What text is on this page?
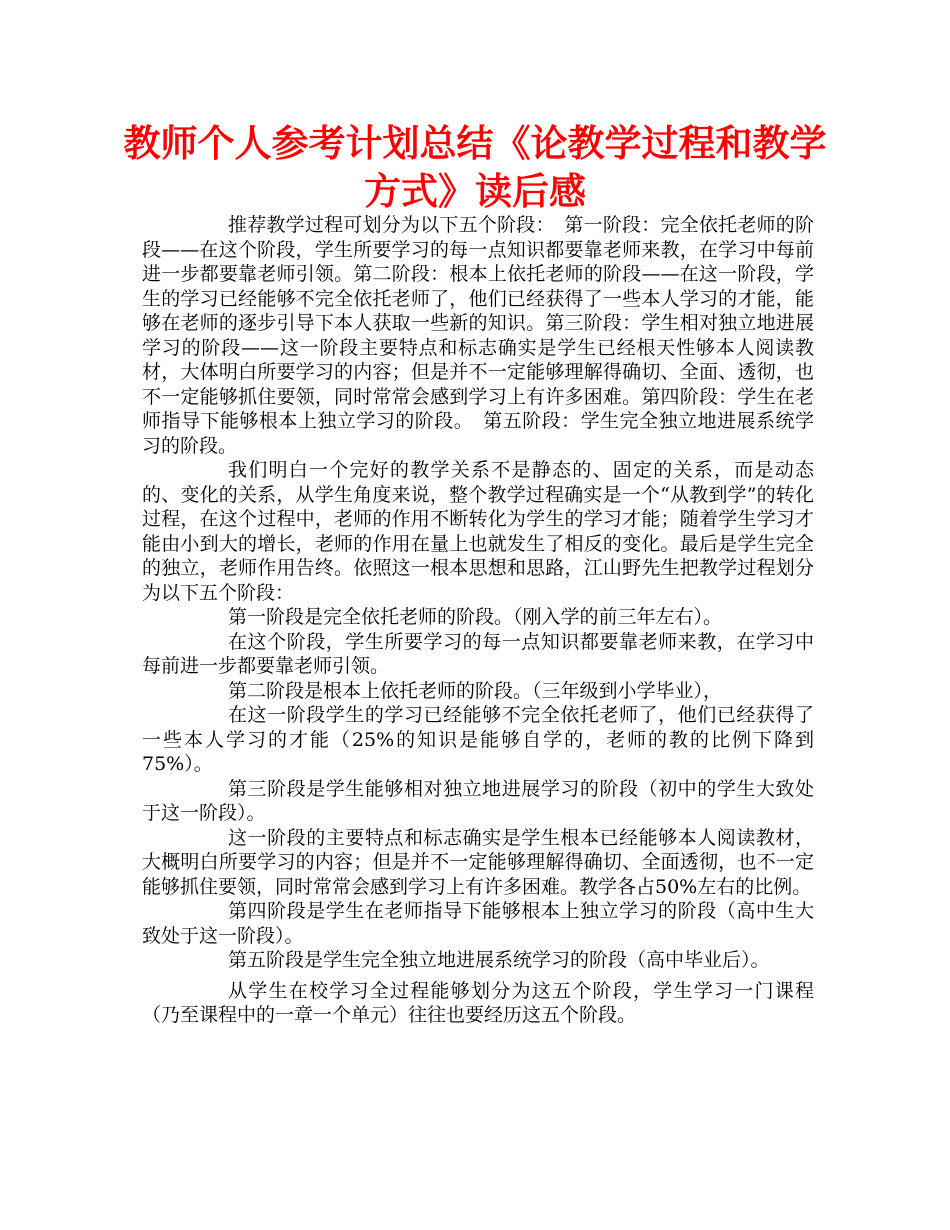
教师个人参考计划总结《论教学过程和教学方式》读后感

推荐教学过程可划分为以下五个阶段：　第一阶段：完全依托老师的阶段——在这个阶段，学生所要学习的每一点知识都要靠老师来教，在学习中每前进一步都要靠老师引领。第二阶段：根本上依托老师的阶段——在这一阶段，学生的学习已经能够不完全依托老师了，他们已经获得了一些本人学习的才能，能够在老师的逐步引导下本人获取一些新的知识。第三阶段：学生相对独立地进展学习的阶段——这一阶段主要特点和标志确实是学生已经根天性够本人阅读教材，大体明白所要学习的内容；但是并不一定能够理解得确切、全面、透彻，也不一定能够抓住要领，同时常常会感到学习上有许多困难。第四阶段：学生在老师指导下能够根本上独立学习的阶段。　第五阶段：学生完全独立地进展系统学习的阶段。

我们明白一个完好的教学关系不是静态的、固定的关系，而是动态的、变化的关系，从学生角度来说，整个教学过程确实是一个“从教到学”的转化过程，在这个过程中，老师的作用不断转化为学生的学习才能；随着学生学习才能由小到大的增长，老师的作用在量上也就发生了相反的变化。最后是学生完全的独立，老师作用告终。依照这一根本思想和思路，江山野先生把教学过程划分为以下五个阶段：

第一阶段是完全依托老师的阶段。（刚入学的前三年左右）。

在这个阶段，学生所要学习的每一点知识都要靠老师来教，在学习中每前进一步都要靠老师引领。

第二阶段是根本上依托老师的阶段。（三年级到小学毕业），

在这一阶段学生的学习已经能够不完全依托老师了，他们已经获得了一些本人学习的才能（25%的知识是能够自学的，老师的教的比例下降到75%）。

第三阶段是学生能够相对独立地进展学习的阶段（初中的学生大致处于这一阶段）。

这一阶段的主要特点和标志确实是学生根本已经能够本人阅读教材，大概明白所要学习的内容；但是并不一定能够理解得确切、全面透彻，也不一定能够抓住要领，同时常常会感到学习上有许多困难。教学各占50%左右的比例。

第四阶段是学生在老师指导下能够根本上独立学习的阶段（高中生大致处于这一阶段）。

第五阶段是学生完全独立地进展系统学习的阶段（高中毕业后）。

从学生在校学习全过程能够划分为这五个阶段，学生学习一门课程（乃至课程中的一章一个单元）往往也要经历这五个阶段。
